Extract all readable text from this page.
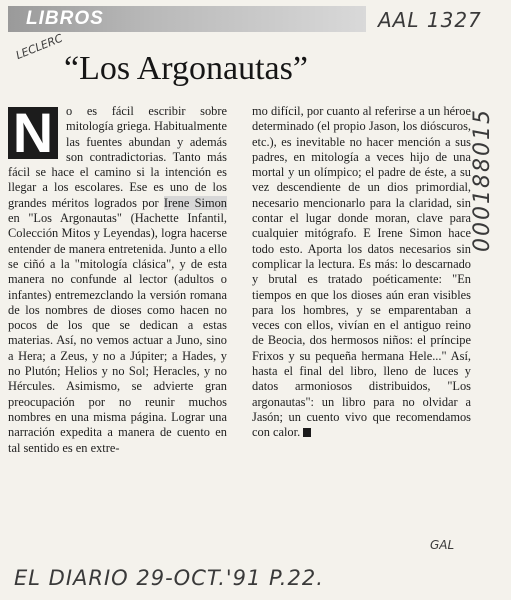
LIBROS	AAL 1327
LECLERC
000188015
“Los Argonautas”
N	o es fácil escribir sobre mitología griega. Habitualmente las fuentes abundan y además son contradictorias. Tanto más fácil se hace el camino si la intención es llegar a los escolares. Ese es uno de los grandes méritos logrados por Irene Simon en "Los Argonautas" (Hachette Infantil, Colección Mitos y Leyendas), logra hacerse entender de manera entretenida. Junto a ello se ciñó a la "mitología clásica", y de esta manera no confunde al lector (adultos o infantes) entremezclando la versión romana de los nombres de dioses como hacen no pocos de los que se dedican a estas materias. Así, no vemos actuar a Juno, sino a Hera; a Zeus, y no a Júpiter; a Hades, y no Plutón; Helios y no Sol; Heracles, y no Hércules. Asimismo, se advierte gran preocupación por no reunir muchos nombres en una misma página. Lograr una narración expedita a manera de cuento en tal sentido es en extre-

mo difícil, por cuanto al referirse a un héroe determinado (el propio Jason, los dióscuros, etc.), es inevitable no hacer mención a sus padres, en mitología a veces hijo de una mortal y un olímpico; el padre de éste, a su vez descendiente de un dios primordial, necesario mencionarlo para la claridad, sin contar el lugar donde moran, clave para cualquier mitógrafo. E Irene Simon hace todo esto. Aporta los datos necesarios sin complicar la lectura. Es más: lo descarnado y brutal es tratado poéticamente: "En tiempos en que los dioses aún eran visibles para los hombres, y se emparentaban a veces con ellos, vivían en el antiguo reino de Beocia, dos hermosos niños: el príncipe Frixos y su pequeña hermana Hele..." Así, hasta el final del libro, lleno de luces y datos armoniosos distribuidos, "Los argonautas": un libro para no olvidar a Jasón; un cuento vivo que recomendamos con calor.

GAL
EL DIARIO 29-OCT.'91 P.22.
